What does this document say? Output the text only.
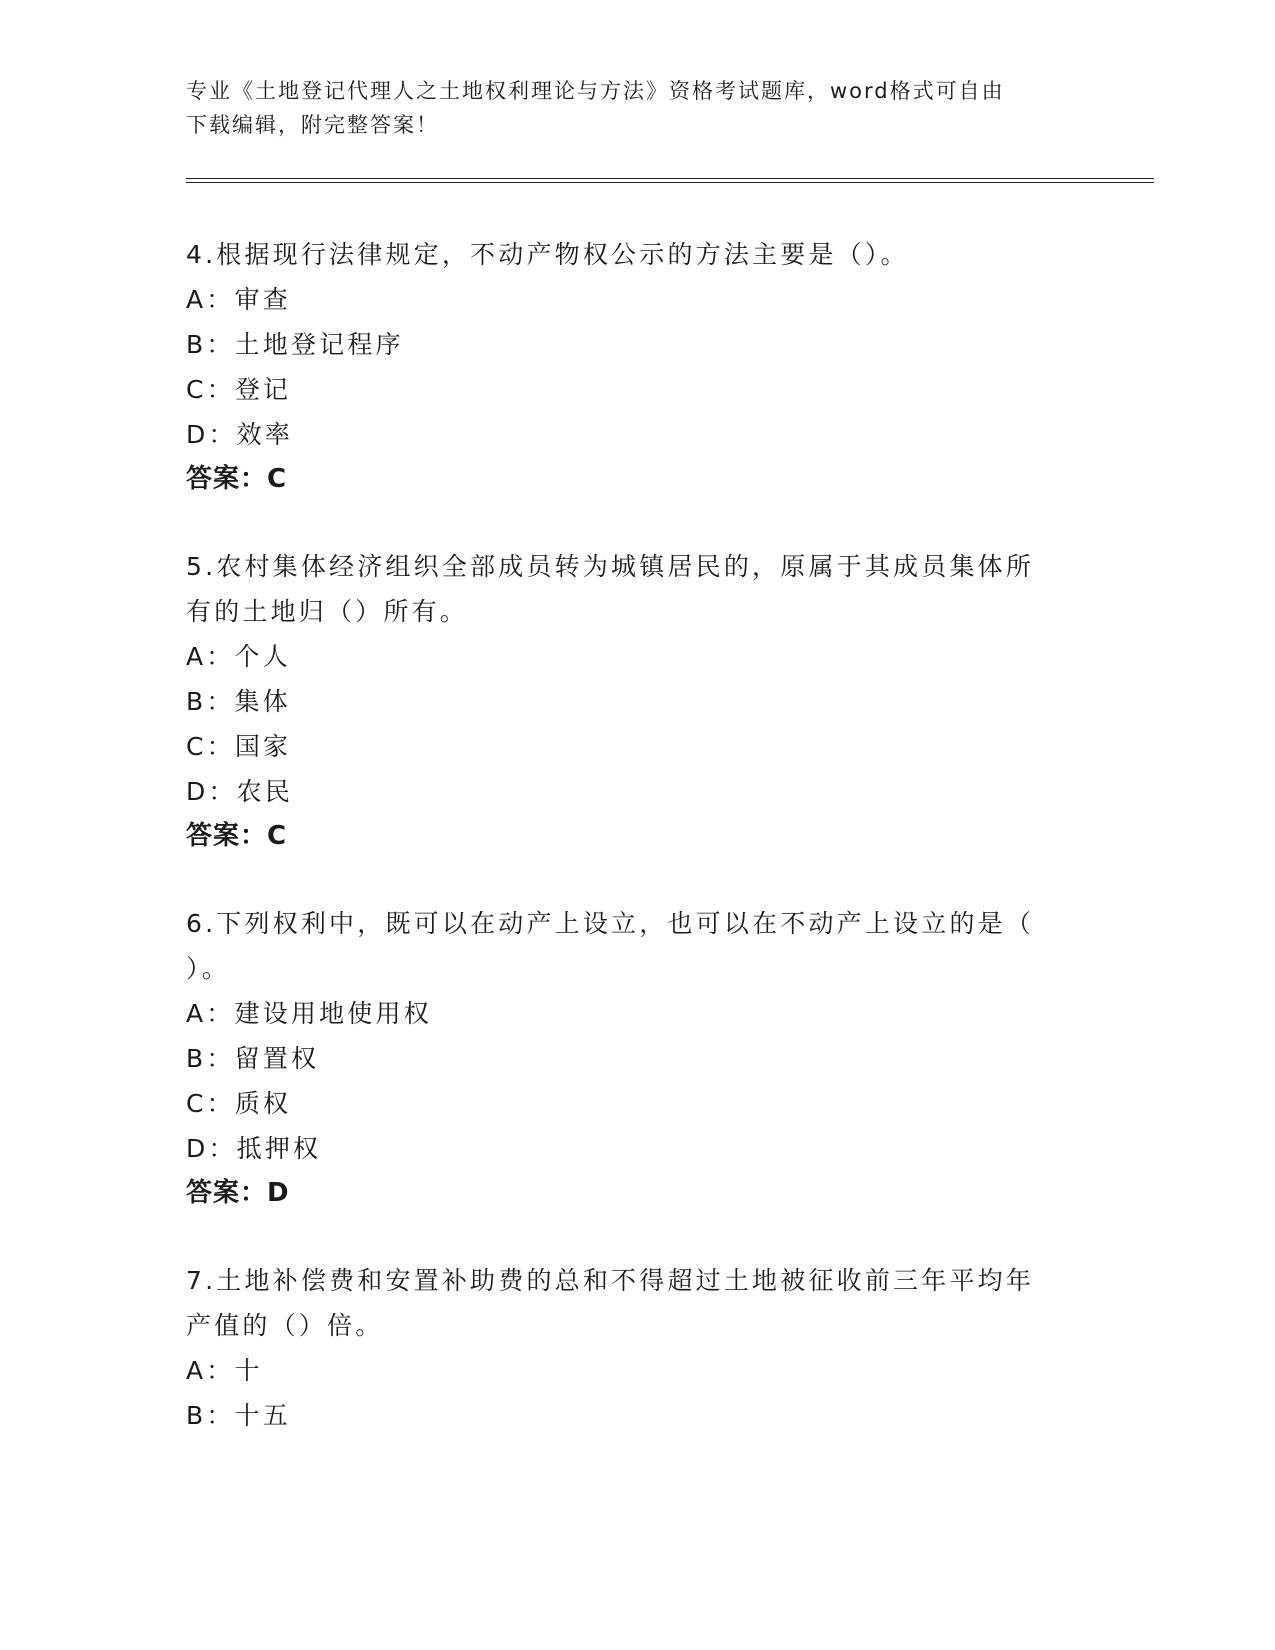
专业《土地登记代理人之土地权利理论与方法》资格考试题库，word格式可自由
下载编辑，附完整答案！
4.根据现行法律规定，不动产物权公示的方法主要是（）。
A：审查
B：土地登记程序
C：登记
D：效率
答案：C
5.农村集体经济组织全部成员转为城镇居民的，原属于其成员集体所
有的土地归（）所有。
A：个人
B：集体
C：国家
D：农民
答案：C
6.下列权利中，既可以在动产上设立，也可以在不动产上设立的是（
）。
A：建设用地使用权
B：留置权
C：质权
D：抵押权
答案：D
7.土地补偿费和安置补助费的总和不得超过土地被征收前三年平均年
产值的（）倍。
A：十
B：十五
